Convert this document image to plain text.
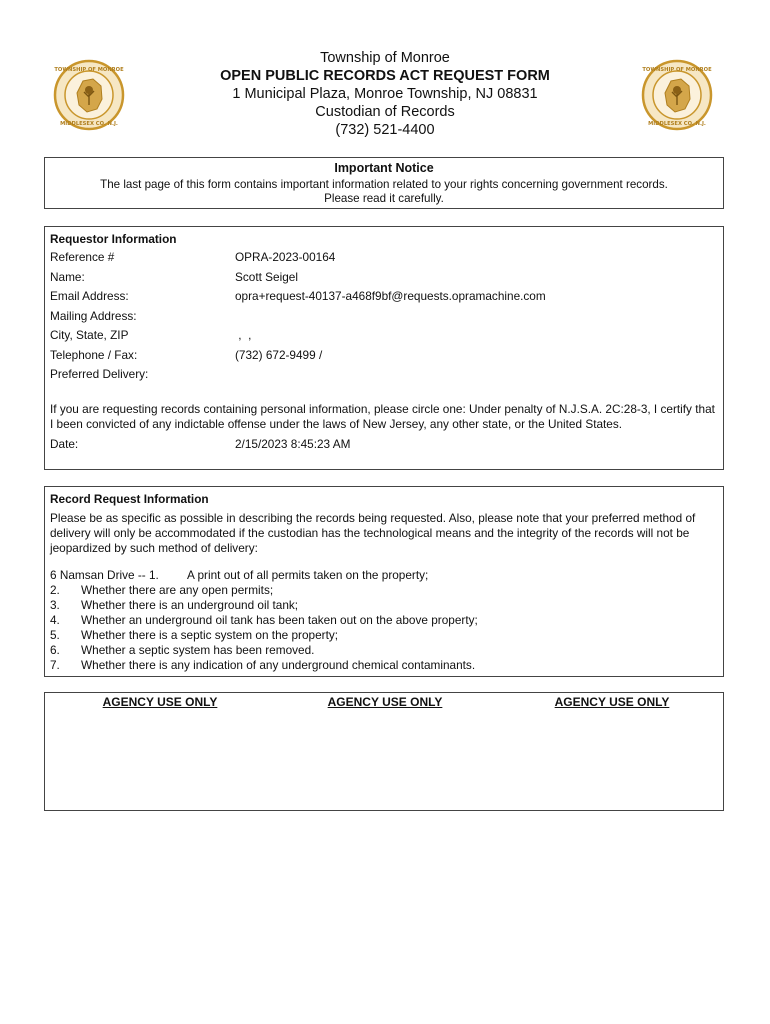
TOWNSHIP OF MONROE
MIDDLESEX CO. N.J.
TOWNSHIP OF MONROE
MIDDLESEX CO. N.J.
Township of Monroe
OPEN PUBLIC RECORDS ACT REQUEST FORM
1 Municipal Plaza, Monroe Township, NJ 08831
Custodian of Records
(732) 521-4400
Important Notice
The last page of this form contains important information related to your rights concerning government records.
Please read it carefully.
Requestor Information
Reference #	OPRA-2023-00164
Name:	Scott Seigel
Email Address:	opra+request-40137-a468f9bf@requests.opramachine.com
Mailing Address:
City, State, ZIP	,  ,
Telephone / Fax:	(732) 672-9499 /
Preferred Delivery:
If you are requesting records containing personal information, please circle one: Under penalty of N.J.S.A. 2C:28-3, I certify that I been convicted of any indictable offense under the laws of New Jersey, any other state, or the United States.
Date:	2/15/2023 8:45:23 AM
Record Request Information
Please be as specific as possible in describing the records being requested. Also, please note that your preferred method of delivery will only be accommodated if the custodian has the technological means and the integrity of the records will not be jeopardized by such method of delivery:
6 Namsan Drive -- 1.	A print out of all permits taken on the property;
2.	Whether there are any open permits;
3.	Whether there is an underground oil tank;
4.	Whether an underground oil tank has been taken out on the above property;
5.	Whether there is a septic system on the property;
6.	Whether a septic system has been removed.
7.	Whether there is any indication of any underground chemical contaminants.
AGENCY USE ONLY	AGENCY USE ONLY	AGENCY USE ONLY
